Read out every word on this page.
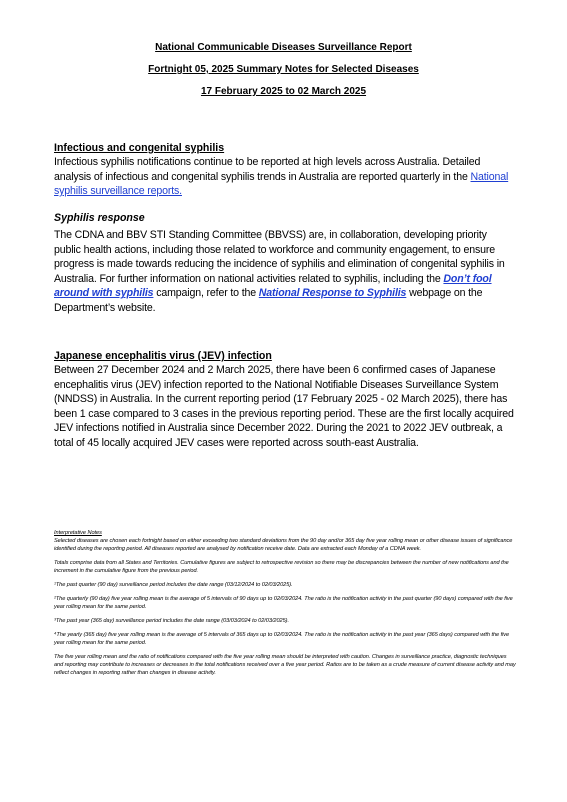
National Communicable Diseases Surveillance Report
Fortnight 05, 2025 Summary Notes for Selected Diseases
17 February 2025 to 02 March 2025

Infectious and congenital syphilis

Infectious syphilis notifications continue to be reported at high levels across Australia. Detailed analysis of infectious and congenital syphilis trends in Australia are reported quarterly in the National syphilis surveillance reports.

Syphilis response

The CDNA and BBV STI Standing Committee (BBVSS) are, in collaboration, developing priority public health actions, including those related to workforce and community engagement, to ensure progress is made towards reducing the incidence of syphilis and elimination of congenital syphilis in Australia. For further information on national activities related to syphilis, including the Don’t fool around with syphilis campaign, refer to the National Response to Syphilis webpage on the Department’s website.

Japanese encephalitis virus (JEV) infection

Between 27 December 2024 and 2 March 2025, there have been 6 confirmed cases of Japanese encephalitis virus (JEV) infection reported to the National Notifiable Diseases Surveillance System (NNDSS) in Australia. In the current reporting period (17 February 2025 - 02 March 2025), there has been 1 case compared to 3 cases in the previous reporting period. These are the first locally acquired JEV infections notified in Australia since December 2022. During the 2021 to 2022 JEV outbreak, a total of 45 locally acquired JEV cases were reported across south-east Australia.

Interpretative Notes

Selected diseases are chosen each fortnight based on either exceeding two standard deviations from the 90 day and/or 365 day five year rolling mean or other disease issues of significance identified during the reporting period. All diseases reported are analysed by notification receive date. Data are extracted each Monday of a CDNA week.

Totals comprise data from all States and Territories. Cumulative figures are subject to retrospective revision so there may be discrepancies between the number of new notifications and the increment in the cumulative figure from the previous period.

¹The past quarter (90 day) surveillance period includes the date range (03/12/2024 to 02/03/2025).

²The quarterly (90 day) five year rolling mean is the average of 5 intervals of 90 days up to 02/03/2024. The ratio is the notification activity in the past quarter (90 days) compared with the five year rolling mean for the same period.

³The past year (365 day) surveillance period includes the date range (03/03/2024 to 02/03/2025).

⁴The yearly (365 day) five year rolling mean is the average of 5 intervals of 365 days up to 02/03/2024. The ratio is the notification activity in the past year (365 days) compared with the five year rolling mean for the same period.

The five year rolling mean and the ratio of notifications compared with the five year rolling mean should be interpreted with caution. Changes in surveillance practice, diagnostic techniques and reporting may contribute to increases or decreases in the total notifications received over a five year period. Ratios are to be taken as a crude measure of current disease activity and may reflect changes in reporting rather than changes in disease activity.
